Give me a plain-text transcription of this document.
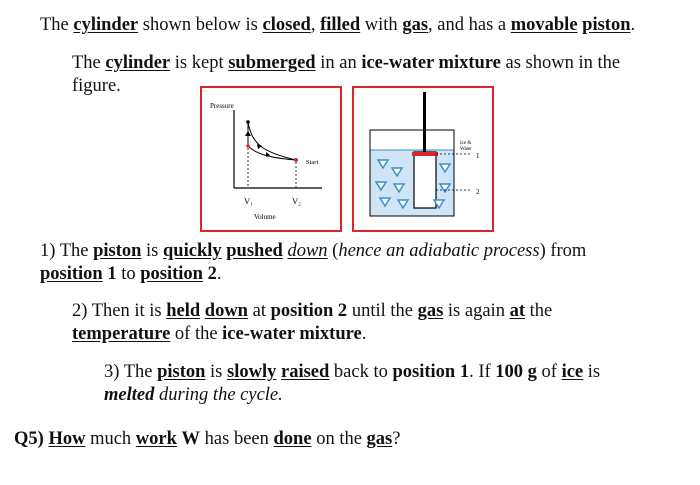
The cylinder shown below is closed, filled with gas, and has a movable piston.
The cylinder is kept submerged in an ice-water mixture as shown in the
figure.
Pressure
Start
V₁	V₂
Volume
1
2
Ice &
Water
1) The piston is quickly pushed down (hence an adiabatic process) from
position 1 to position 2.
2) Then it is held down at position 2 until the gas is again at the
temperature of the ice-water mixture.
3) The piston is slowly raised back to position 1. If 100 g of ice is
melted during the cycle.
Q5) How much work W has been done on the gas?
